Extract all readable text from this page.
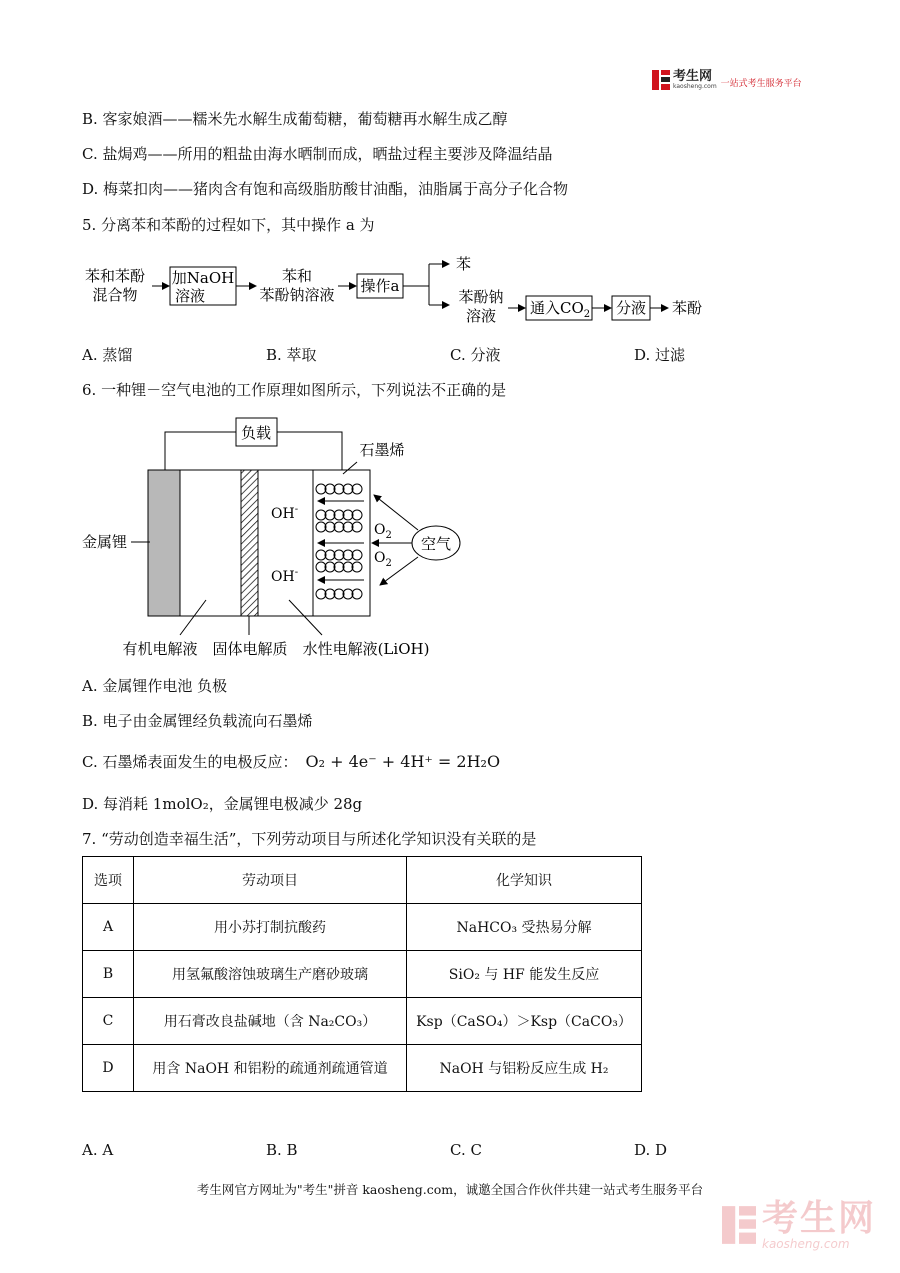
考生网
kaosheng.com 一站式考生服务平台
B. 客家娘酒——糯米先水解生成葡萄糖，葡萄糖再水解生成乙醇
C. 盐焗鸡——所用的粗盐由海水晒制而成，晒盐过程主要涉及降温结晶
D. 梅菜扣肉——猪肉含有饱和高级脂肪酸甘油酯，油脂属于高分子化合物
5. 分离苯和苯酚的过程如下，其中操作 a 为
苯和苯酚
混合物
加NaOH
溶液
苯和
苯酚钠溶液 操作a
苯
苯酚钠
溶液 通入$CO_2$ 分液 苯酚
A. 蒸馏	B. 萃取	C. 分液	D. 过滤
6. 一种锂－空气电池的工作原理如图所示，下列说法不正确的是
负载
空气
石墨烯
金属锂
OH-
OH-
$O_2$
$O_2$
有机电解液 固体电解质 水性电解液(LiOH)
A. 金属锂作电池 负极
B. 电子由金属锂经负载流向石墨烯
C. 石墨烯表面发生的电极反应： O₂ + 4e⁻ + 4H⁺ = 2H₂O
D. 每消耗 1molO₂，金属锂电极减少 28g
7. “劳动创造幸福生活”，下列劳动项目与所述化学知识没有关联的是
选项	劳动项目	化学知识
A	用小苏打制抗酸药	NaHCO₃ 受热易分解
B	用氢氟酸溶蚀玻璃生产磨砂玻璃	SiO₂ 与 HF 能发生反应
C	用石膏改良盐碱地（含 Na₂CO₃）	Ksp（CaSO₄）＞Ksp（CaCO₃）
D	用含 NaOH 和铝粉的疏通剂疏通管道	NaOH 与铝粉反应生成 H₂
A. A	B. B	C. C	D. D
考生网官方网址为"考生"拼音 kaosheng.com，诚邀全国合作伙伴共建一站式考生服务平台
考生网
kaosheng.com
